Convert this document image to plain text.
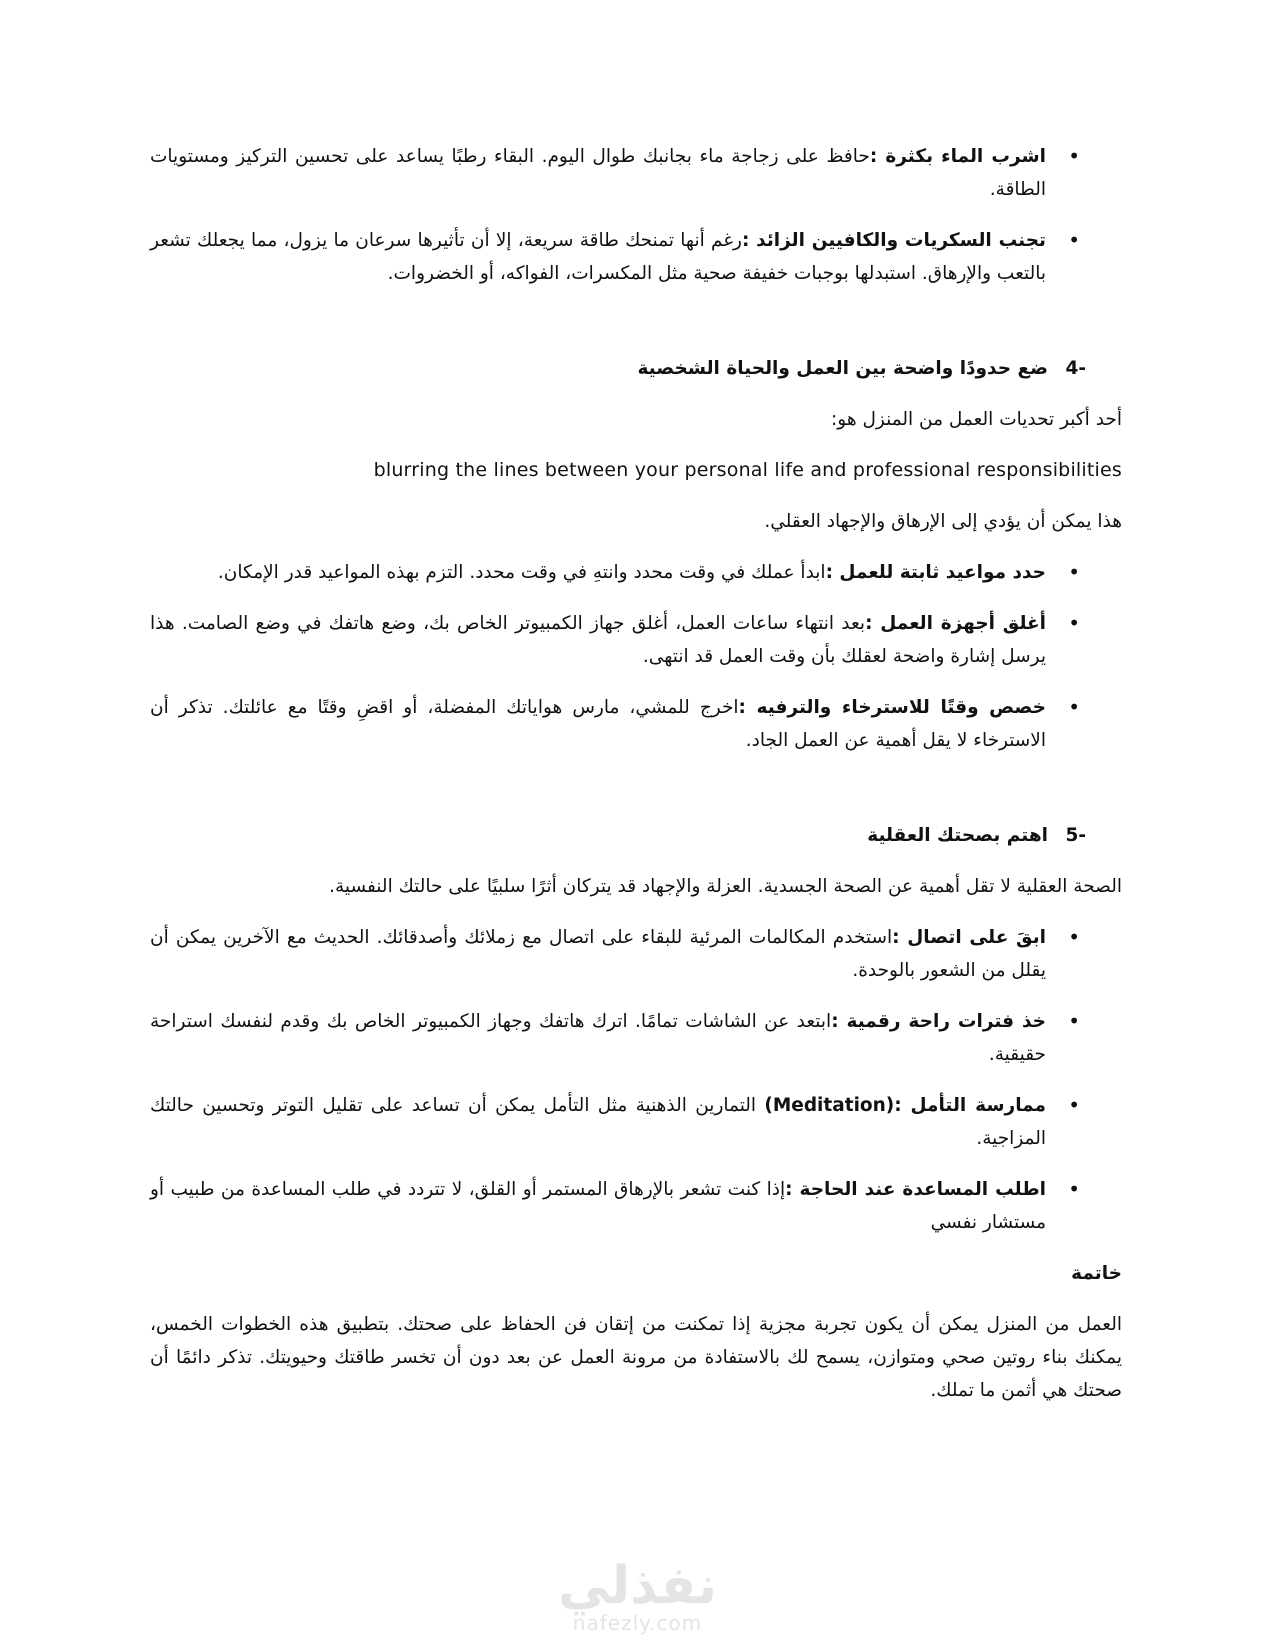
• اشرب الماء بكثرة :حافظ على زجاجة ماء بجانبك طوال اليوم. البقاء رطبًا يساعد على تحسين التركيز ومستويات الطاقة.
• تجنب السكريات والكافيين الزائد :رغم أنها تمنحك طاقة سريعة، إلا أن تأثيرها سرعان ما يزول، مما يجعلك تشعر بالتعب والإرهاق. استبدلها بوجبات خفيفة صحية مثل المكسرات، الفواكه، أو الخضروات.
-4ضع حدودًا واضحة بين العمل والحياة الشخصية

أحد أكبر تحديات العمل من المنزل هو:

blurring the lines between your personal life and professional responsibilities

هذا يمكن أن يؤدي إلى الإرهاق والإجهاد العقلي.

• حدد مواعيد ثابتة للعمل :ابدأ عملك في وقت محدد وانتهِ في وقت محدد. التزم بهذه المواعيد قدر الإمكان.
• أغلق أجهزة العمل :بعد انتهاء ساعات العمل، أغلق جهاز الكمبيوتر الخاص بك، وضع هاتفك في وضع الصامت. هذا يرسل إشارة واضحة لعقلك بأن وقت العمل قد انتهى.
• خصص وقتًا للاسترخاء والترفيه :اخرج للمشي، مارس هواياتك المفضلة، أو اقضِ وقتًا مع عائلتك. تذكر أن الاسترخاء لا يقل أهمية عن العمل الجاد.
-5اهتم بصحتك العقلية

الصحة العقلية لا تقل أهمية عن الصحة الجسدية. العزلة والإجهاد قد يتركان أثرًا سلبيًا على حالتك النفسية.

• ابقَ على اتصال :استخدم المكالمات المرئية للبقاء على اتصال مع زملائك وأصدقائك. الحديث مع الآخرين يمكن أن يقلل من الشعور بالوحدة.
• خذ فترات راحة رقمية :ابتعد عن الشاشات تمامًا. اترك هاتفك وجهاز الكمبيوتر الخاص بك وقدم لنفسك استراحة حقيقية.
• ممارسة التأمل :(Meditation) التمارين الذهنية مثل التأمل يمكن أن تساعد على تقليل التوتر وتحسين حالتك المزاجية.
• اطلب المساعدة عند الحاجة :إذا كنت تشعر بالإرهاق المستمر أو القلق، لا تتردد في طلب المساعدة من طبيب أو مستشار نفسي
خاتمة

العمل من المنزل يمكن أن يكون تجربة مجزية إذا تمكنت من إتقان فن الحفاظ على صحتك. بتطبيق هذه الخطوات الخمس، يمكنك بناء روتين صحي ومتوازن، يسمح لك بالاستفادة من مرونة العمل عن بعد دون أن تخسر طاقتك وحيويتك. تذكر دائمًا أن صحتك هي أثمن ما تملك.

نفذلي
nafezly.com
